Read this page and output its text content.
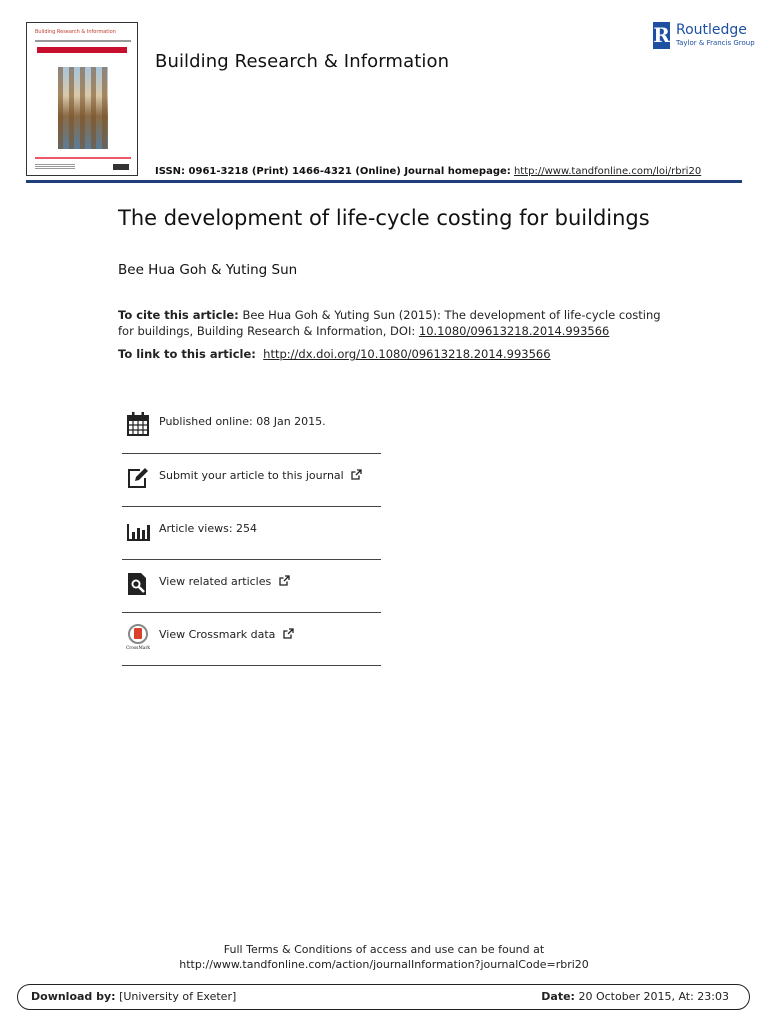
Building Research & Information
Building Research & Information
ISSN: 0961-3218 (Print) 1466-4321 (Online) Journal homepage: http://www.tandfonline.com/loi/rbri20
R Routledge
Taylor & Francis Group
The development of life-cycle costing for buildings
Bee Hua Goh & Yuting Sun
To cite this article: Bee Hua Goh & Yuting Sun (2015): The development of life-cycle costing for buildings, Building Research & Information, DOI: 10.1080/09613218.2014.993566
To link to this article: http://dx.doi.org/10.1080/09613218.2014.993566
Published online: 08 Jan 2015.
Submit your article to this journal
Article views: 254
View related articles
CrossMark
View Crossmark data
Full Terms & Conditions of access and use can be found at
http://www.tandfonline.com/action/journalInformation?journalCode=rbri20
Download by: [University of Exeter]	Date: 20 October 2015, At: 23:03
